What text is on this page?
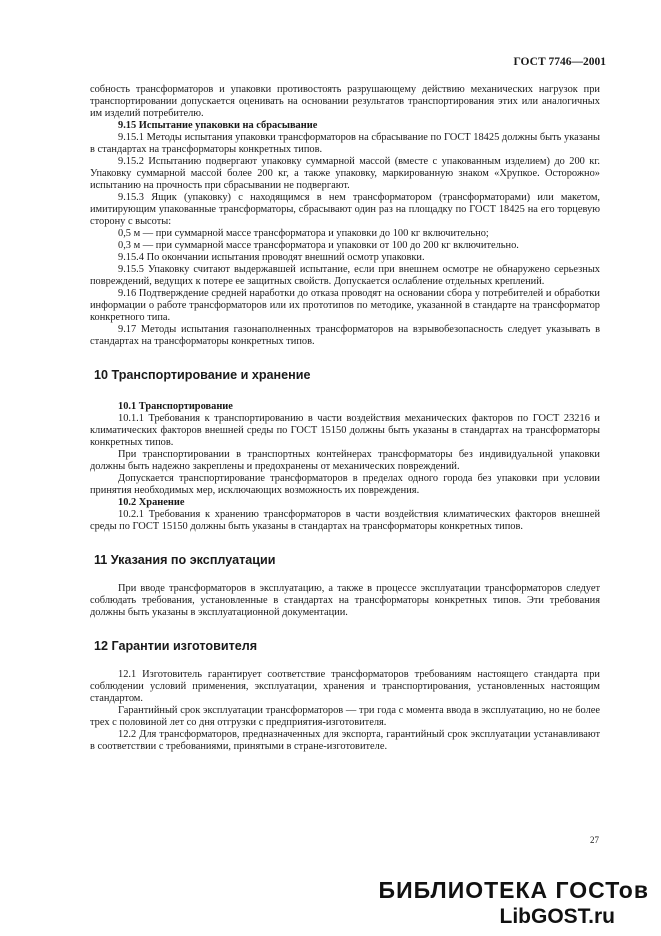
ГОСТ 7746—2001

собность трансформаторов и упаковки противостоять разрушающему действию механических нагрузок при транспортировании допускается оценивать на основании результатов транспортирования этих или аналогичных им изделий потребителю.

9.15 Испытание упаковки на сбрасывание

9.15.1 Методы испытания упаковки трансформаторов на сбрасывание по ГОСТ 18425 должны быть указаны в стандартах на трансформаторы конкретных типов.

9.15.2 Испытанию подвергают упаковку суммарной массой (вместе с упакованным изделием) до 200 кг. Упаковку суммарной массой более 200 кг, а также упаковку, маркированную знаком «Хрупкое. Осторожно» испытанию на прочность при сбрасывании не подвергают.

9.15.3 Ящик (упаковку) с находящимся в нем трансформатором (трансформаторами) или макетом, имитирующим упакованные трансформаторы, сбрасывают один раз на площадку по ГОСТ 18425 на его торцевую сторону с высоты:

0,5 м — при суммарной массе трансформатора и упаковки до 100 кг включительно;

0,3 м — при суммарной массе трансформатора и упаковки от 100 до 200 кг включительно.

9.15.4 По окончании испытания проводят внешний осмотр упаковки.

9.15.5 Упаковку считают выдержавшей испытание, если при внешнем осмотре не обнаружено серьезных повреждений, ведущих к потере ее защитных свойств. Допускается ослабление отдельных креплений.

9.16 Подтверждение средней наработки до отказа проводят на основании сбора у потребителей и обработки информации о работе трансформаторов или их прототипов по методике, указанной в стандарте на трансформатор конкретного типа.

9.17 Методы испытания газонаполненных трансформаторов на взрывобезопасность следует указывать в стандартах на трансформаторы конкретных типов.

10 Транспортирование и хранение

10.1 Транспортирование

10.1.1 Требования к транспортированию в части воздействия механических факторов по ГОСТ 23216 и климатических факторов внешней среды по ГОСТ 15150 должны быть указаны в стандартах на трансформаторы конкретных типов.

При транспортировании в транспортных контейнерах трансформаторы без индивидуальной упаковки должны быть надежно закреплены и предохранены от механических повреждений.

Допускается транспортирование трансформаторов в пределах одного города без упаковки при условии принятия необходимых мер, исключающих возможность их повреждения.

10.2 Хранение

10.2.1 Требования к хранению трансформаторов в части воздействия климатических факторов внешней среды по ГОСТ 15150 должны быть указаны в стандартах на трансформаторы конкретных типов.

11 Указания по эксплуатации

При вводе трансформаторов в эксплуатацию, а также в процессе эксплуатации трансформаторов следует соблюдать требования, установленные в стандартах на трансформаторы конкретных типов. Эти требования должны быть указаны в эксплуатационной документации.

12 Гарантии изготовителя

12.1 Изготовитель гарантирует соответствие трансформаторов требованиям настоящего стандарта при соблюдении условий применения, эксплуатации, хранения и транспортирования, установленных настоящим стандартом.

Гарантийный срок эксплуатации трансформаторов — три года с момента ввода в эксплуатацию, но не более трех с половиной лет со дня отгрузки с предприятия-изготовителя.

12.2 Для трансформаторов, предназначенных для экспорта, гарантийный срок эксплуатации устанавливают в соответствии с требованиями, принятыми в стране-изготовителе.

27
БИБЛИОТЕКА ГОСТов
LibGOST.ru
